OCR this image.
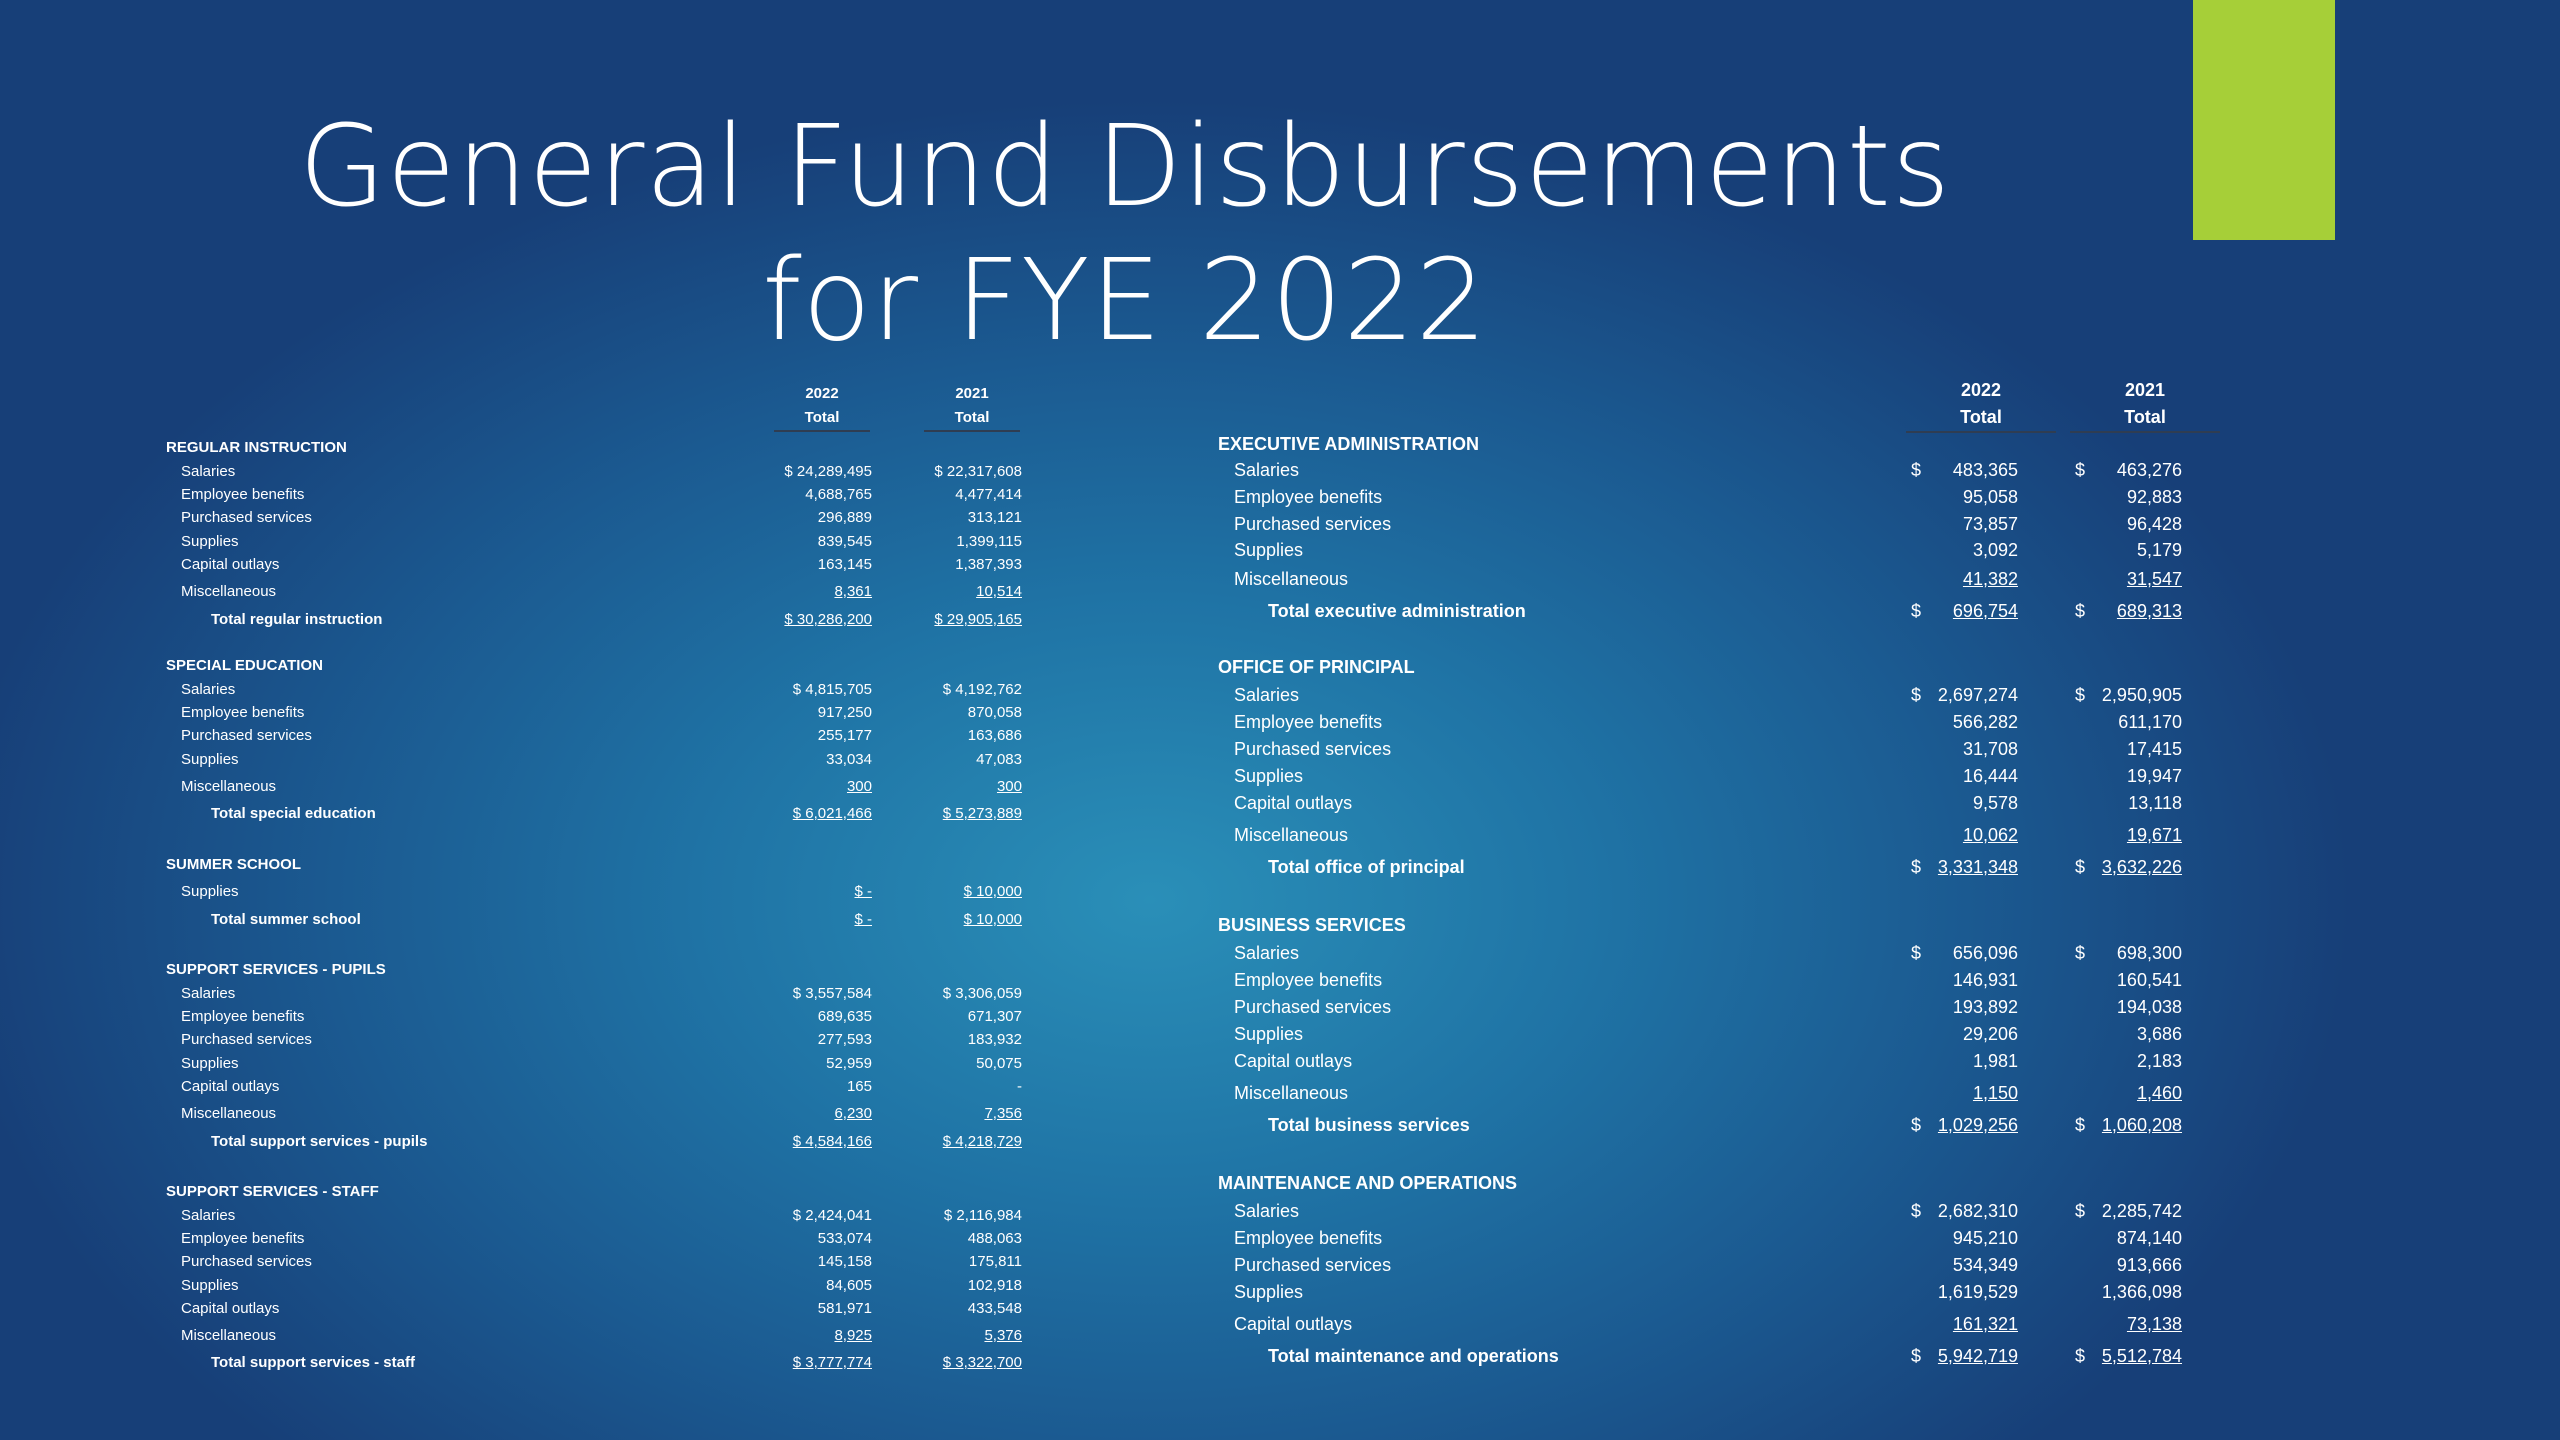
General Fund Disbursements
for FYE 2022
2022
Total
2021
Total
REGULAR INSTRUCTION
Salaries	$ 24,289,495	$ 22,317,608
Employee benefits	4,688,765	4,477,414
Purchased services	296,889	313,121
Supplies	839,545	1,399,115
Capital outlays	163,145	1,387,393
Miscellaneous	8,361	10,514
Total regular instruction	$ 30,286,200	$ 29,905,165
SPECIAL EDUCATION
Salaries	$ 4,815,705	$ 4,192,762
Employee benefits	917,250	870,058
Purchased services	255,177	163,686
Supplies	33,034	47,083
Miscellaneous	300	300
Total special education	$ 6,021,466	$ 5,273,889
SUMMER SCHOOL
Supplies	$ -	$ 10,000
Total summer school	$ -	$ 10,000
SUPPORT SERVICES - PUPILS
Salaries	$ 3,557,584	$ 3,306,059
Employee benefits	689,635	671,307
Purchased services	277,593	183,932
Supplies	52,959	50,075
Capital outlays	165	-
Miscellaneous	6,230	7,356
Total support services - pupils	$ 4,584,166	$ 4,218,729
SUPPORT SERVICES - STAFF
Salaries	$ 2,424,041	$ 2,116,984
Employee benefits	533,074	488,063
Purchased services	145,158	175,811
Supplies	84,605	102,918
Capital outlays	581,971	433,548
Miscellaneous	8,925	5,376
Total support services - staff	$ 3,777,774	$ 3,322,700
2022
Total
2021
Total
EXECUTIVE ADMINISTRATION
Salaries	$	483,365	$	463,276
Employee benefits	95,058	92,883
Purchased services	73,857	96,428
Supplies	3,092	5,179
Miscellaneous	41,382	31,547
Total executive administration	$	696,754	$	689,313
OFFICE OF PRINCIPAL
Salaries	$ 2,697,274	$ 2,950,905
Employee benefits	566,282	611,170
Purchased services	31,708	17,415
Supplies	16,444	19,947
Capital outlays	9,578	13,118
Miscellaneous	10,062	19,671
Total office of principal	$ 3,331,348	$ 3,632,226
BUSINESS SERVICES
Salaries	$	656,096	$	698,300
Employee benefits	146,931	160,541
Purchased services	193,892	194,038
Supplies	29,206	3,686
Capital outlays	1,981	2,183
Miscellaneous	1,150	1,460
Total business services	$ 1,029,256	$ 1,060,208
MAINTENANCE AND OPERATIONS
Salaries	$ 2,682,310	$ 2,285,742
Employee benefits	945,210	874,140
Purchased services	534,349	913,666
Supplies	1,619,529	1,366,098
Capital outlays	161,321	73,138
Total maintenance and operations	$ 5,942,719	$ 5,512,784
